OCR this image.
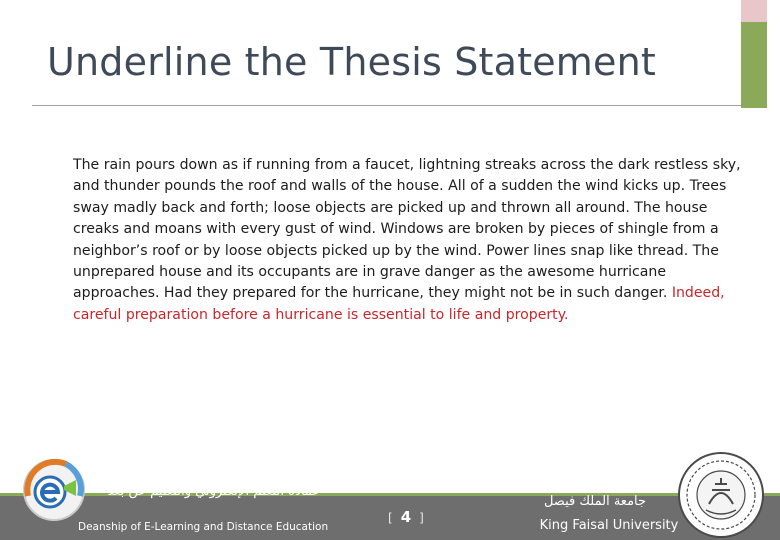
Underline the Thesis Statement
The rain pours down as if running from a faucet, lightning streaks across the dark restless sky, and thunder pounds the roof and walls of the house. All of a sudden the wind kicks up. Trees sway madly back and forth; loose objects are picked up and thrown all around. The house creaks and moans with every gust of wind. Windows are broken by pieces of shingle from a neighbor’s roof or by loose objects picked up by the wind. Power lines snap like thread. The unprepared house and its occupants are in grave danger as the awesome hurricane approaches. Had they prepared for the hurricane, they might not be in such danger. Indeed, careful preparation before a hurricane is essential to life and property.
عمادة التعلم الإلكتروني والتعليم عن بعد
Deanship of E-Learning and Distance Education
[ 4 ]
جامعة الملك فيصل
King Faisal University
